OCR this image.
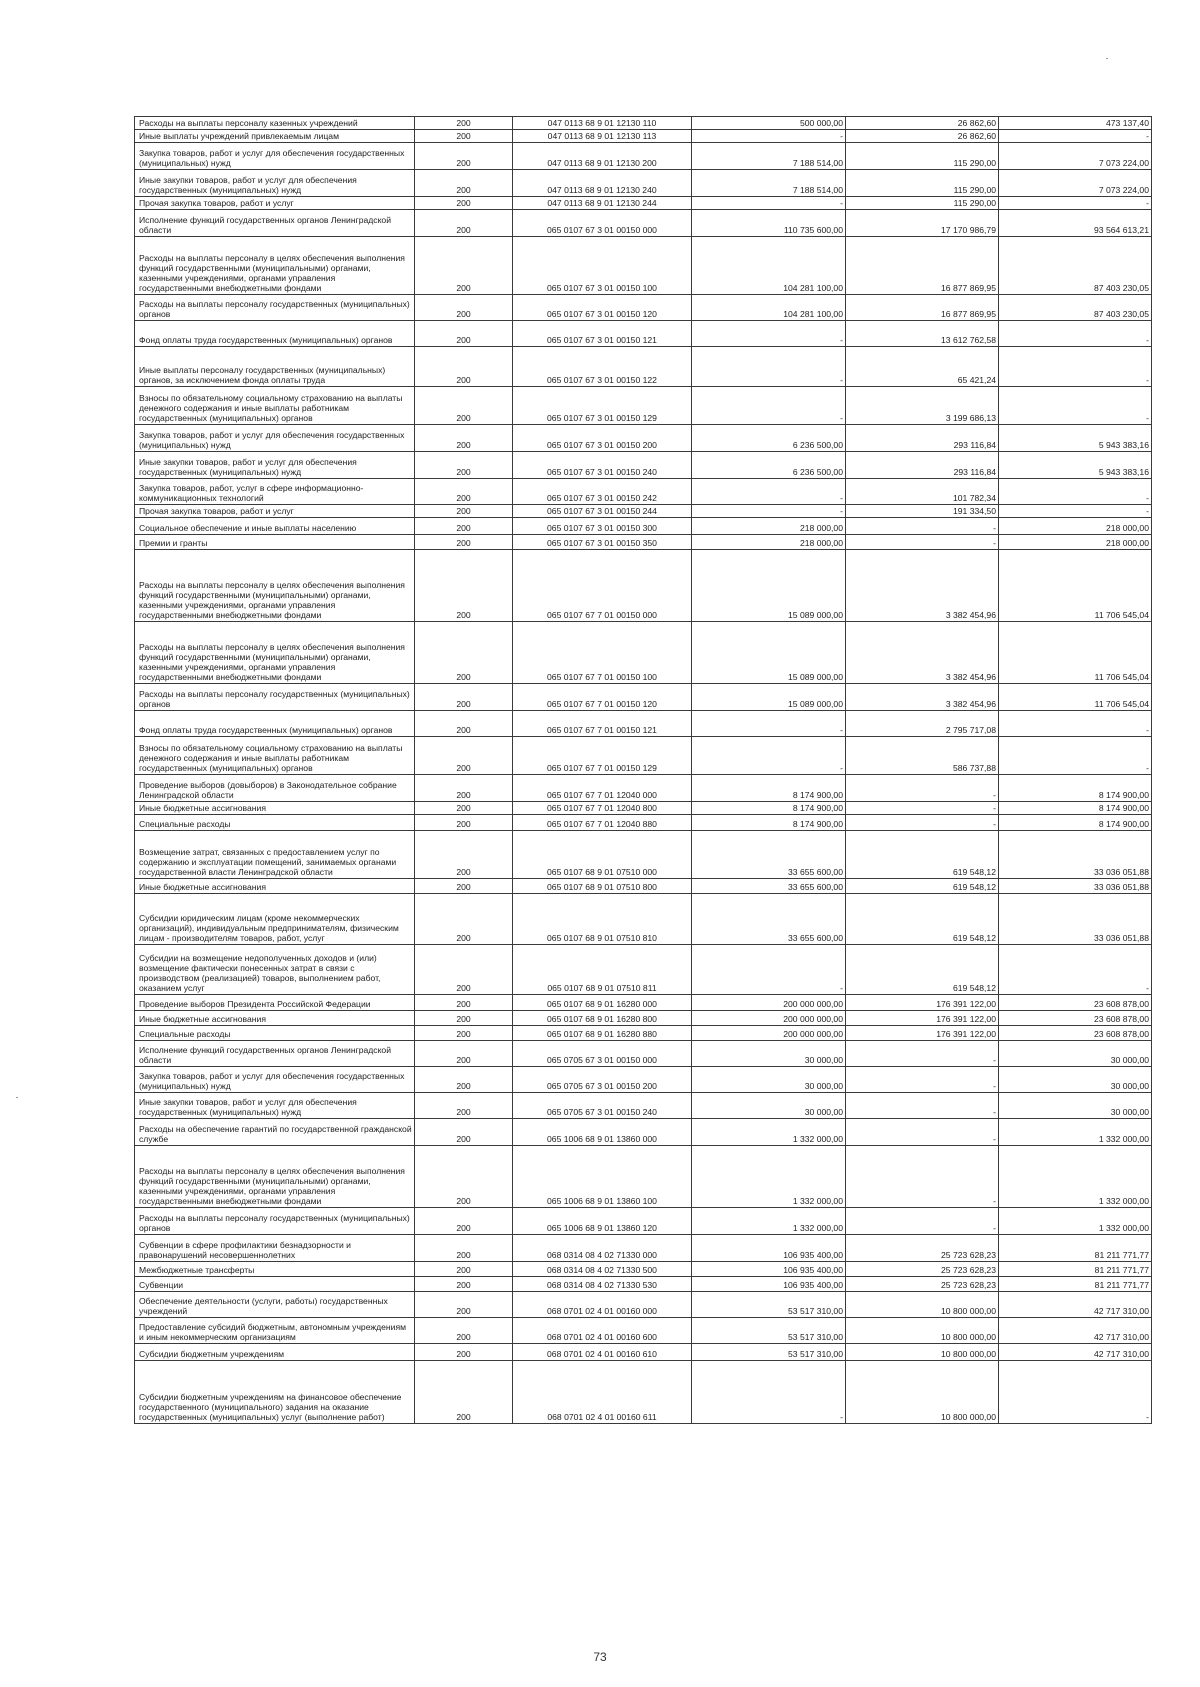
Расходы на выплаты персоналу казенных учреждений	200	047 0113 68 9 01 12130 110	500 000,00	26 862,60	473 137,40
Иные выплаты учреждений привлекаемым лицам	200	047 0113 68 9 01 12130 113	-	26 862,60	-
Закупка товаров, работ и услуг для обеспечения государственных (муниципальных) нужд	200	047 0113 68 9 01 12130 200	7 188 514,00	115 290,00	7 073 224,00
Иные закупки товаров, работ и услуг для обеспечения государственных (муниципальных) нужд	200	047 0113 68 9 01 12130 240	7 188 514,00	115 290,00	7 073 224,00
Прочая закупка товаров, работ и услуг	200	047 0113 68 9 01 12130 244	-	115 290,00	-
Исполнение функций государственных органов Ленинградской области	200	065 0107 67 3 01 00150 000	110 735 600,00	17 170 986,79	93 564 613,21
Расходы на выплаты персоналу в целях обеспечения выполнения функций государственными (муниципальными) органами, казенными учреждениями, органами управления государственными внебюджетными фондами	200	065 0107 67 3 01 00150 100	104 281 100,00	16 877 869,95	87 403 230,05
Расходы на выплаты персоналу государственных (муниципальных) органов	200	065 0107 67 3 01 00150 120	104 281 100,00	16 877 869,95	87 403 230,05
Фонд оплаты труда государственных (муниципальных) органов	200	065 0107 67 3 01 00150 121	-	13 612 762,58	-
Иные выплаты персоналу государственных (муниципальных) органов, за исключением фонда оплаты труда	200	065 0107 67 3 01 00150 122	-	65 421,24	-
Взносы по обязательному социальному страхованию на выплаты денежного содержания и иные выплаты работникам государственных (муниципальных) органов	200	065 0107 67 3 01 00150 129	-	3 199 686,13	-
Закупка товаров, работ и услуг для обеспечения государственных (муниципальных) нужд	200	065 0107 67 3 01 00150 200	6 236 500,00	293 116,84	5 943 383,16
Иные закупки товаров, работ и услуг для обеспечения государственных (муниципальных) нужд	200	065 0107 67 3 01 00150 240	6 236 500,00	293 116,84	5 943 383,16
Закупка товаров, работ, услуг в сфере информационно-коммуникационных технологий	200	065 0107 67 3 01 00150 242	-	101 782,34	-
Прочая закупка товаров, работ и услуг	200	065 0107 67 3 01 00150 244	-	191 334,50	-
Социальное обеспечение и иные выплаты населению	200	065 0107 67 3 01 00150 300	218 000,00	-	218 000,00
Премии и гранты	200	065 0107 67 3 01 00150 350	218 000,00	-	218 000,00
Расходы на выплаты персоналу в целях обеспечения выполнения функций государственными (муниципальными) органами, казенными учреждениями, органами управления государственными внебюджетными фондами	200	065 0107 67 7 01 00150 000	15 089 000,00	3 382 454,96	11 706 545,04
Расходы на выплаты персоналу в целях обеспечения выполнения функций государственными (муниципальными) органами, казенными учреждениями, органами управления государственными внебюджетными фондами	200	065 0107 67 7 01 00150 100	15 089 000,00	3 382 454,96	11 706 545,04
Расходы на выплаты персоналу государственных (муниципальных) органов	200	065 0107 67 7 01 00150 120	15 089 000,00	3 382 454,96	11 706 545,04
Фонд оплаты труда государственных (муниципальных) органов	200	065 0107 67 7 01 00150 121	-	2 795 717,08	-
Взносы по обязательному социальному страхованию на выплаты денежного содержания и иные выплаты работникам государственных (муниципальных) органов	200	065 0107 67 7 01 00150 129	-	586 737,88	-
Проведение выборов (довыборов) в Законодательное собрание Ленинградской области	200	065 0107 67 7 01 12040 000	8 174 900,00	-	8 174 900,00
Иные бюджетные ассигнования	200	065 0107 67 7 01 12040 800	8 174 900,00	-	8 174 900,00
Специальные расходы	200	065 0107 67 7 01 12040 880	8 174 900,00	-	8 174 900,00
Возмещение затрат, связанных с предоставлением услуг по содержанию и эксплуатации помещений, занимаемых органами государственной власти Ленинградской области	200	065 0107 68 9 01 07510 000	33 655 600,00	619 548,12	33 036 051,88
Иные бюджетные ассигнования	200	065 0107 68 9 01 07510 800	33 655 600,00	619 548,12	33 036 051,88
Субсидии юридическим лицам (кроме некоммерческих организаций), индивидуальным предпринимателям, физическим лицам - производителям товаров, работ, услуг	200	065 0107 68 9 01 07510 810	33 655 600,00	619 548,12	33 036 051,88
Субсидии на возмещение недополученных доходов и (или) возмещение фактически понесенных затрат в связи с производством (реализацией) товаров, выполнением работ, оказанием услуг	200	065 0107 68 9 01 07510 811	-	619 548,12	-
Проведение выборов Президента Российской Федерации	200	065 0107 68 9 01 16280 000	200 000 000,00	176 391 122,00	23 608 878,00
Иные бюджетные ассигнования	200	065 0107 68 9 01 16280 800	200 000 000,00	176 391 122,00	23 608 878,00
Специальные расходы	200	065 0107 68 9 01 16280 880	200 000 000,00	176 391 122,00	23 608 878,00
Исполнение функций государственных органов Ленинградской области	200	065 0705 67 3 01 00150 000	30 000,00	-	30 000,00
Закупка товаров, работ и услуг для обеспечения государственных (муниципальных) нужд	200	065 0705 67 3 01 00150 200	30 000,00	-	30 000,00
Иные закупки товаров, работ и услуг для обеспечения государственных (муниципальных) нужд	200	065 0705 67 3 01 00150 240	30 000,00	-	30 000,00
Расходы на обеспечение гарантий по государственной гражданской службе	200	065 1006 68 9 01 13860 000	1 332 000,00	-	1 332 000,00
Расходы на выплаты персоналу в целях обеспечения выполнения функций государственными (муниципальными) органами, казенными учреждениями, органами управления государственными внебюджетными фондами	200	065 1006 68 9 01 13860 100	1 332 000,00	-	1 332 000,00
Расходы на выплаты персоналу государственных (муниципальных) органов	200	065 1006 68 9 01 13860 120	1 332 000,00	-	1 332 000,00
Субвенции в сфере профилактики безнадзорности и правонарушений несовершеннолетних	200	068 0314 08 4 02 71330 000	106 935 400,00	25 723 628,23	81 211 771,77
Межбюджетные трансферты	200	068 0314 08 4 02 71330 500	106 935 400,00	25 723 628,23	81 211 771,77
Субвенции	200	068 0314 08 4 02 71330 530	106 935 400,00	25 723 628,23	81 211 771,77
Обеспечение деятельности (услуги, работы) государственных учреждений	200	068 0701 02 4 01 00160 000	53 517 310,00	10 800 000,00	42 717 310,00
Предоставление субсидий бюджетным, автономным учреждениям и иным некоммерческим организациям	200	068 0701 02 4 01 00160 600	53 517 310,00	10 800 000,00	42 717 310,00
Субсидии бюджетным учреждениям	200	068 0701 02 4 01 00160 610	53 517 310,00	10 800 000,00	42 717 310,00
Субсидии бюджетным учреждениям на финансовое обеспечение государственного (муниципального) задания на оказание государственных (муниципальных) услуг (выполнение работ)	200	068 0701 02 4 01 00160 611	-	10 800 000,00	-
73
